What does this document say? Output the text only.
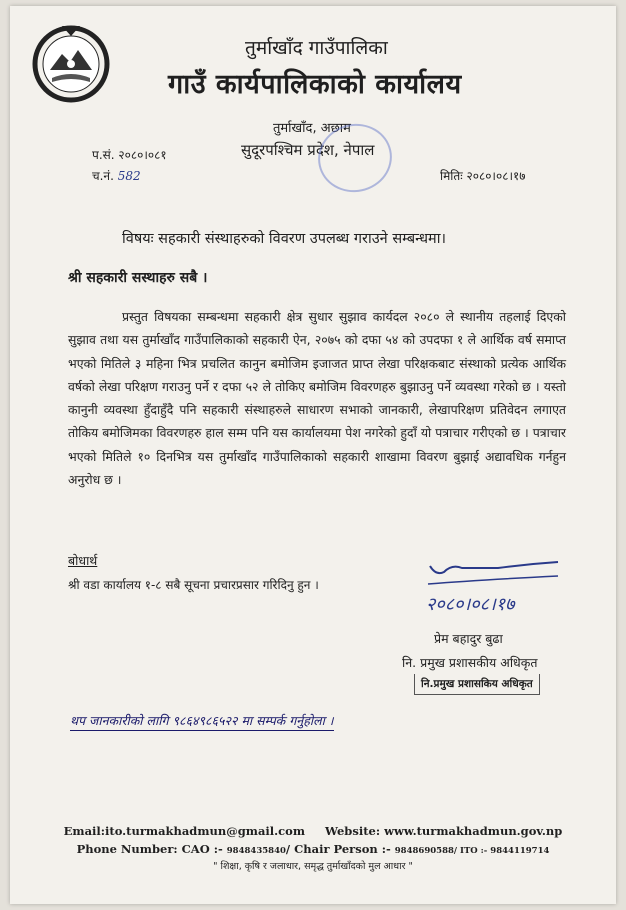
तुर्माखाँद गाउँपालिका
गाउँ कार्यपालिकाको कार्यालय
तुर्माखाँद, अछाम
सुदूरपश्चिम प्रदेश, नेपाल
प.सं. २०८०।०८१
च.नं. 582	मितिः २०८०।०८।१७
विषयः सहकारी संस्थाहरुको विवरण उपलब्ध गराउने सम्बन्धमा।
श्री सहकारी सस्थाहरु सबै ।
प्रस्तुत विषयका सम्बन्धमा सहकारी क्षेत्र सुधार सुझाव कार्यदल २०८० ले स्थानीय तहलाई दिएको सुझाव तथा यस तुर्माखाँद गाउँपालिकाको सहकारी ऐन, २०७५ को दफा ५४ को उपदफा १ ले आर्थिक वर्ष समाप्त भएको मितिले ३ महिना भित्र प्रचलित कानुन बमोजिम इजाजत प्राप्त लेखा परिक्षकबाट संस्थाको प्रत्येक आर्थिक वर्षको लेखा परिक्षण गराउनु पर्ने र दफा ५२ ले तोकिए बमोजिम विवरणहरु बुझाउनु पर्ने व्यवस्था गरेको छ । यस्तो कानुनी व्यवस्था हुँदाहुँदै पनि सहकारी संस्थाहरुले साधारण सभाको जानकारी, लेखापरिक्षण प्रतिवेदन लगाएत तोकिय बमोजिमका विवरणहरु हाल सम्म पनि यस कार्यालयमा पेश नगरेको हुदाँ यो पत्राचार गरीएको छ । पत्राचार भएको मितिले १० दिनभित्र यस तुर्माखाँद गाउँपालिकाको सहकारी शाखामा विवरण बुझाई अद्यावधिक गर्नहुन अनुरोध छ ।
बोधार्थ
श्री वडा कार्यालय १-८ सबै सूचना प्रचारप्रसार गरिदिनु हुन ।
२०८०।०८।१७
प्रेम बहादुर बुढा
नि. प्रमुख प्रशासकीय अधिकृत
नि.प्रमुख प्रशासकिय अधिकृत
थप जानकारीको लागि ९८६४९८६५२२ मा सम्पर्क गर्नुहोला ।
Email:ito.turmakhadmun@gmail.com Website: www.turmakhadmun.gov.np
Phone Number: CAO :- 9848435840/ Chair Person :- 9848690588/ ITO :- 9844119714
" शिक्षा, कृषि र जलाधार, समृद्ध तुर्माखाँदको मुल आधार "
